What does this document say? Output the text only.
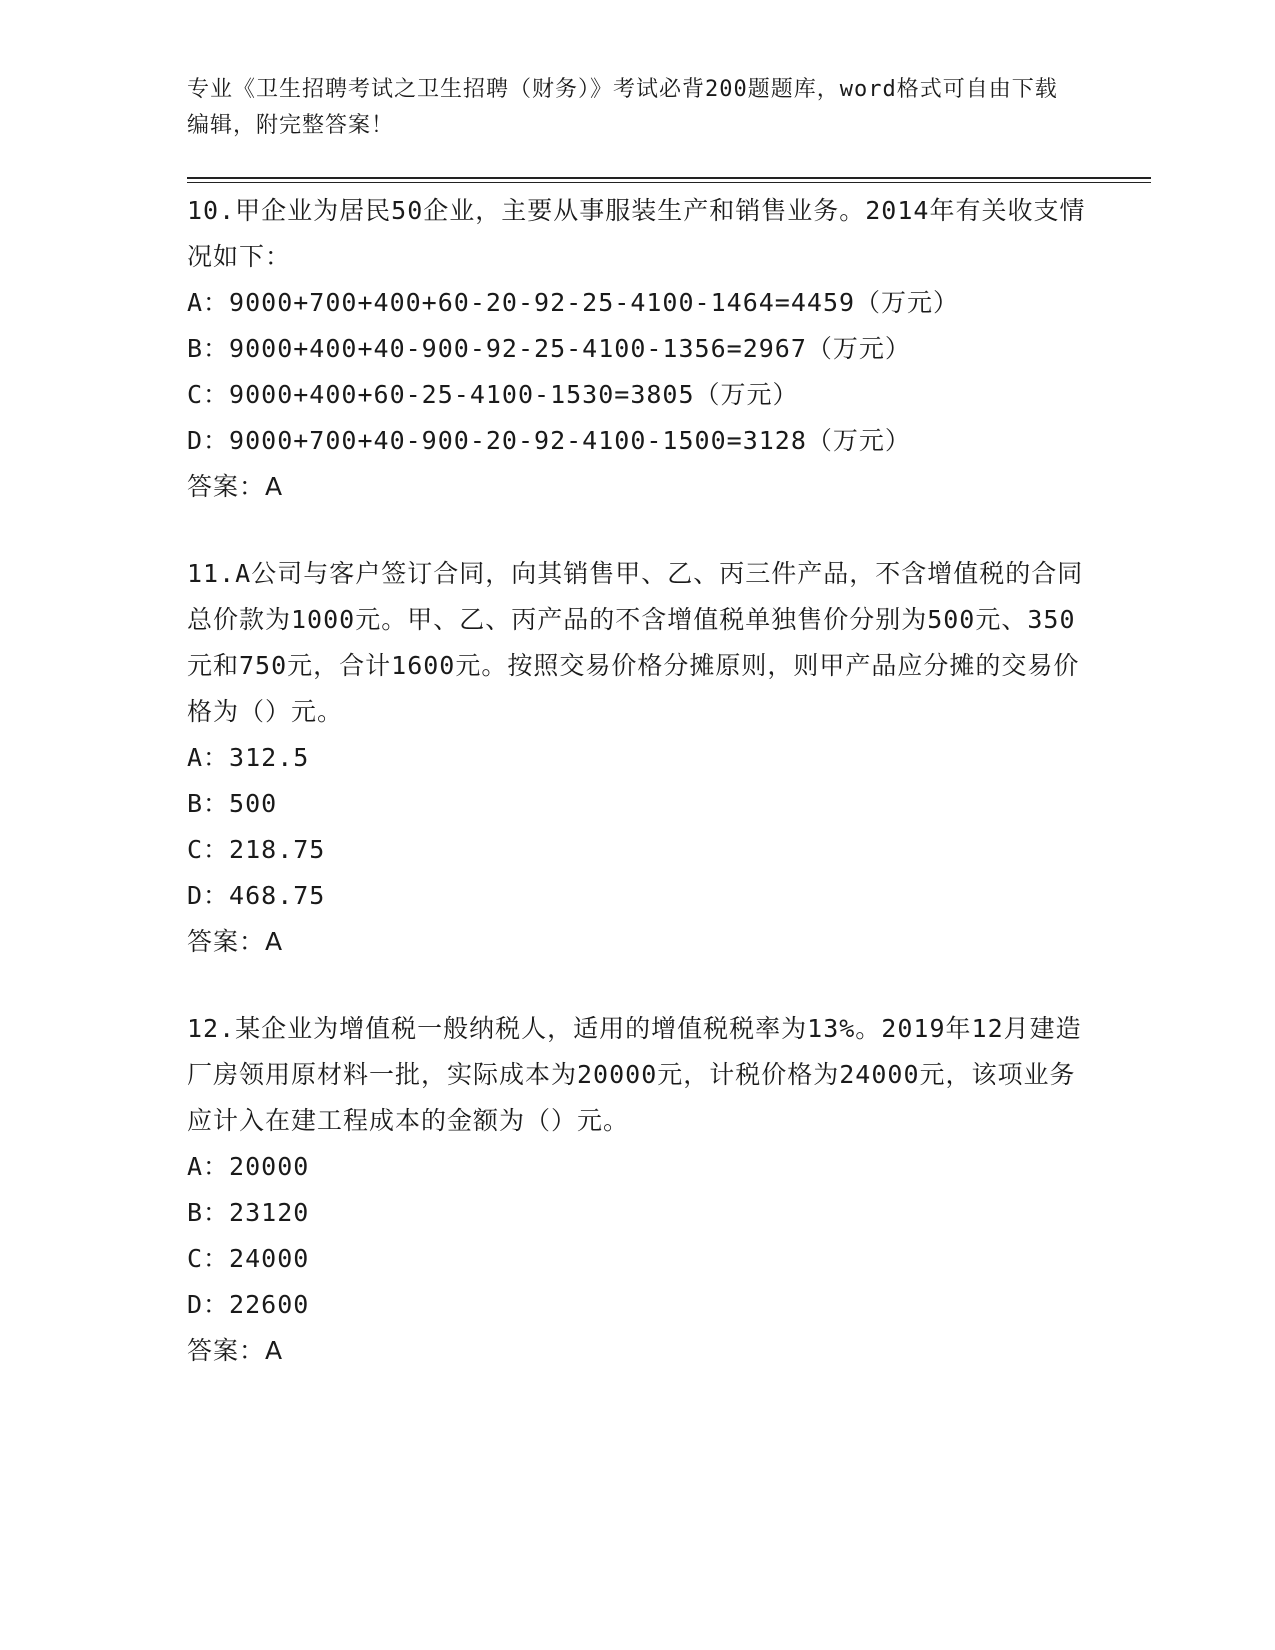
专业《卫生招聘考试之卫生招聘（财务）》考试必背200题题库，word格式可自由下载编辑，附完整答案！
10.甲企业为居民50企业，主要从事服装生产和销售业务。2014年有关收支情况如下：
A：9000+700+400+60-20-92-25-4100-1464=4459（万元）
B：9000+400+40-900-92-25-4100-1356=2967（万元）
C：9000+400+60-25-4100-1530=3805（万元）
D：9000+700+40-900-20-92-4100-1500=3128（万元）
答案：A
11.A公司与客户签订合同，向其销售甲、乙、丙三件产品，不含增值税的合同总价款为1000元。甲、乙、丙产品的不含增值税单独售价分别为500元、350元和750元，合计1600元。按照交易价格分摊原则，则甲产品应分摊的交易价格为（）元。
A：312.5
B：500
C：218.75
D：468.75
答案：A
12.某企业为增值税一般纳税人，适用的增值税税率为13%。2019年12月建造厂房领用原材料一批，实际成本为20000元，计税价格为24000元，该项业务应计入在建工程成本的金额为（）元。
A：20000
B：23120
C：24000
D：22600
答案：A
